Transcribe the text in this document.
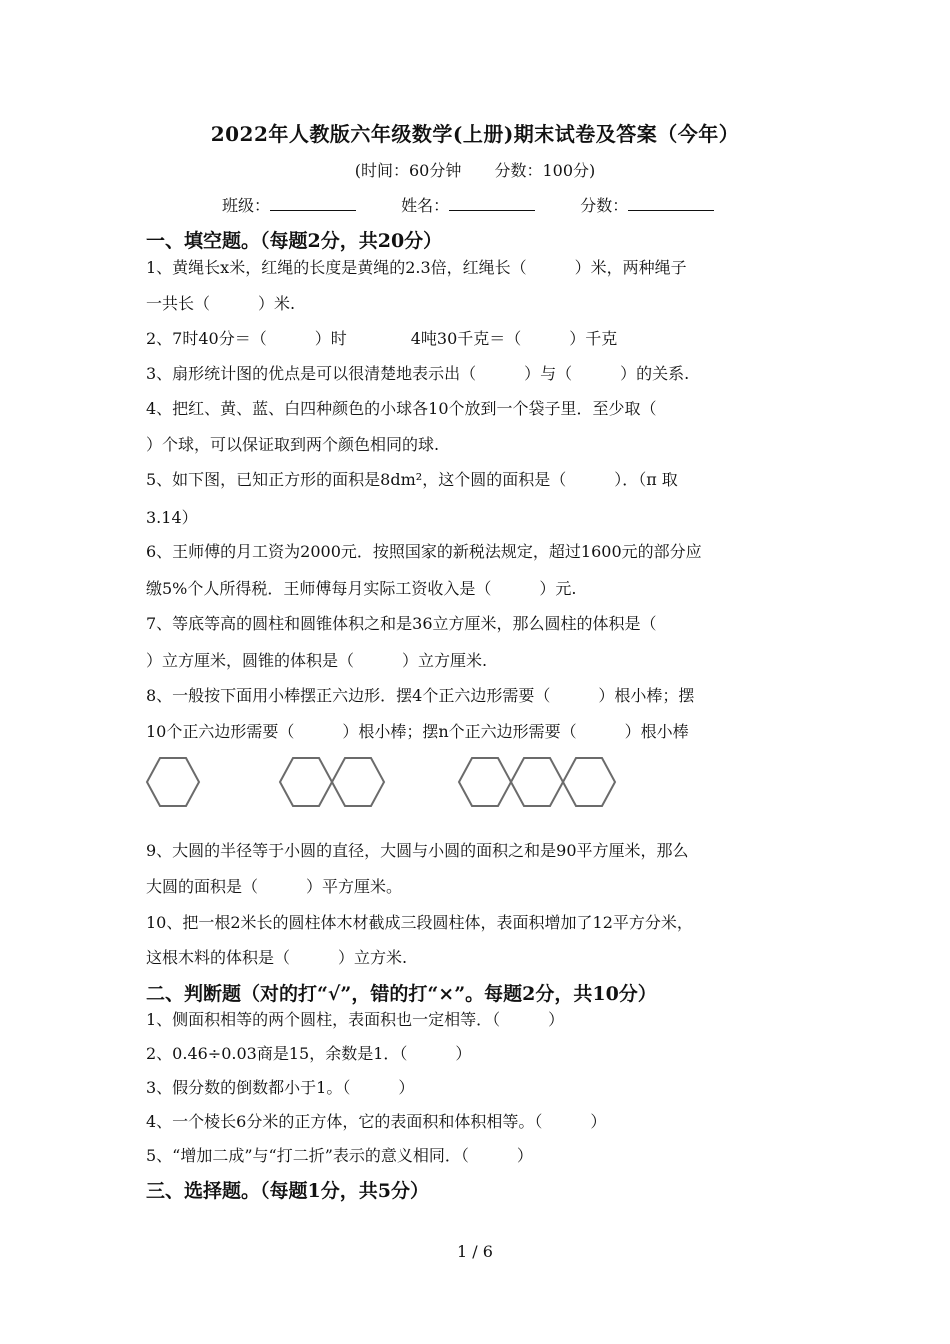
2022年人教版六年级数学(上册)期末试卷及答案（今年）
(时间：60分钟 分数：100分)
班级：	姓名：	分数：
一、填空题。（每题2分，共20分）
1、黄绳长x米，红绳的长度是黄绳的2.3倍，红绳长（　　　）米，两种绳子
一共长（　　　）米.
2、7时40分＝（　　　）时　　　　4吨30千克＝（　　　）千克
3、扇形统计图的优点是可以很清楚地表示出（　　　）与（　　　）的关系.
4、把红、黄、蓝、白四种颜色的小球各10个放到一个袋子里．至少取（
）个球，可以保证取到两个颜色相同的球.
5、如下图，已知正方形的面积是8dm²，这个圆的面积是（　　　）．（π 取
3.14）
6、王师傅的月工资为2000元．按照国家的新税法规定，超过1600元的部分应
缴5%个人所得税．王师傅每月实际工资收入是（　　　）元.
7、等底等高的圆柱和圆锥体积之和是36立方厘米，那么圆柱的体积是（
）立方厘米，圆锥的体积是（　　　）立方厘米.
8、一般按下面用小棒摆正六边形．摆4个正六边形需要（　　　）根小棒；摆
10个正六边形需要（　　　）根小棒；摆n个正六边形需要（　　　）根小棒
9、大圆的半径等于小圆的直径，大圆与小圆的面积之和是90平方厘米，那么
大圆的面积是（　　　）平方厘米。
10、把一根2米长的圆柱体木材截成三段圆柱体，表面积增加了12平方分米，
这根木料的体积是（　　　）立方米.
二、判断题（对的打“√”，错的打“×”。每题2分，共10分）
1、侧面积相等的两个圆柱，表面积也一定相等．（　　　）
2、0.46÷0.03商是15，余数是1．（　　　）
3、假分数的倒数都小于1。（　　　）
4、一个棱长6分米的正方体，它的表面积和体积相等。（　　　）
5、“增加二成”与“打二折”表示的意义相同．（　　　）
三、选择题。（每题1分，共5分）
1 / 6
